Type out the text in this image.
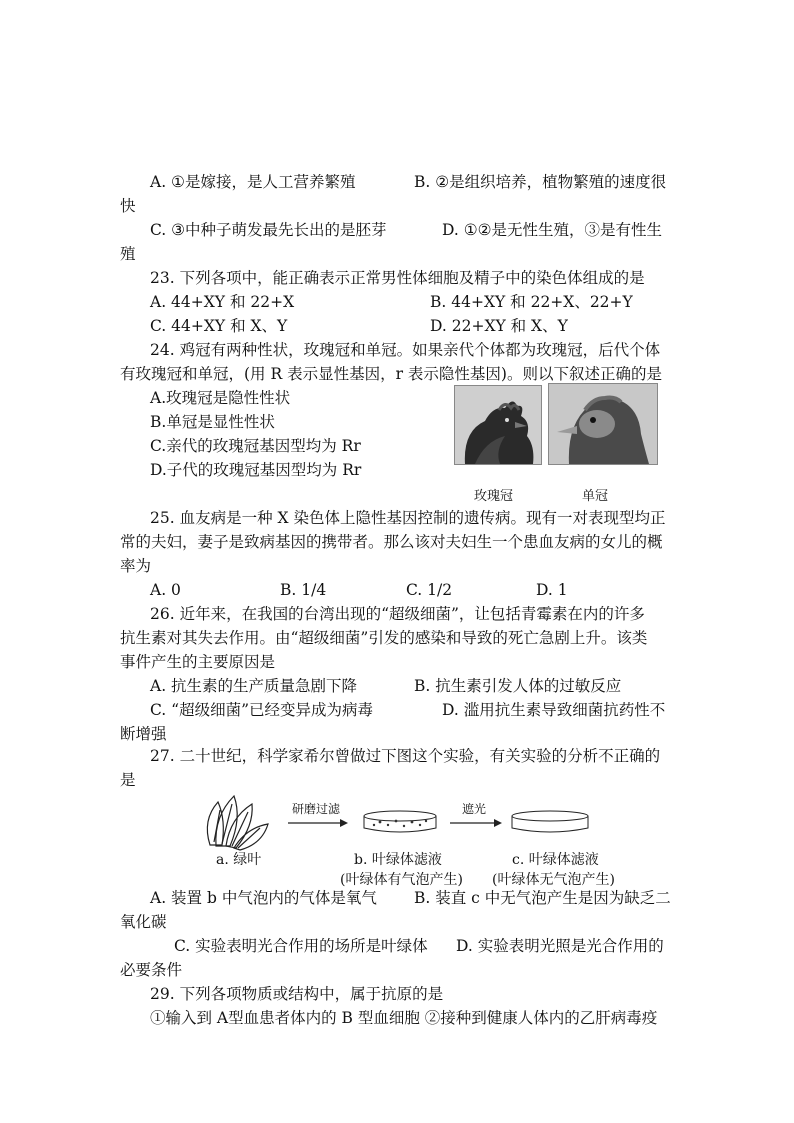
A. ①是嫁接，是人工营养繁殖	B. ②是组织培养，植物繁殖的速度很
快
C. ③中种子萌发最先长出的是胚芽	D. ①②是无性生殖，③是有性生
殖
23. 下列各项中，能正确表示正常男性体细胞及精子中的染色体组成的是
A. 44+XY 和 22+X	B. 44+XY 和 22+X、22+Y
C. 44+XY 和 X、Y	D. 22+XY 和 X、Y
24. 鸡冠有两种性状，玫瑰冠和单冠。如果亲代个体都为玫瑰冠，后代个体
有玫瑰冠和单冠，(用 R 表示显性基因，r 表示隐性基因)。则以下叙述正确的是
A.玫瑰冠是隐性性状
B.单冠是显性性状
C.亲代的玫瑰冠基因型均为 Rr
D.子代的玫瑰冠基因型均为 Rr
玫瑰冠	单冠
25. 血友病是一种 X 染色体上隐性基因控制的遗传病。现有一对表现型均正
常的夫妇，妻子是致病基因的携带者。那么该对夫妇生一个患血友病的女儿的概
率为
A. 0	B. 1/4	C. 1/2	D. 1
26. 近年来，在我国的台湾出现的“超级细菌”，让包括青霉素在内的许多
抗生素对其失去作用。由“超级细菌”引发的感染和导致的死亡急剧上升。该类
事件产生的主要原因是
A. 抗生素的生产质量急剧下降	B. 抗生素引发人体的过敏反应
C. “超级细菌”已经变异成为病毒	D. 滥用抗生素导致细菌抗药性不
断增强
27. 二十世纪，科学家希尔曾做过下图这个实验，有关实验的分析不正确的
是
研磨过滤	遮光
a. 绿叶	b. 叶绿体滤液	c. 叶绿体滤液
(叶绿体有气泡产生) (叶绿体无气泡产生)
A. 装置 b 中气泡内的气体是氧气 B. 装直 c 中无气泡产生是因为缺乏二
氧化碳
C. 实验表明光合作用的场所是叶绿体 D. 实验表明光照是光合作用的
必要条件
29. 下列各项物质或结构中，属于抗原的是
①输入到 A型血患者体内的 B 型血细胞 ②接种到健康人体内的乙肝病毒疫
